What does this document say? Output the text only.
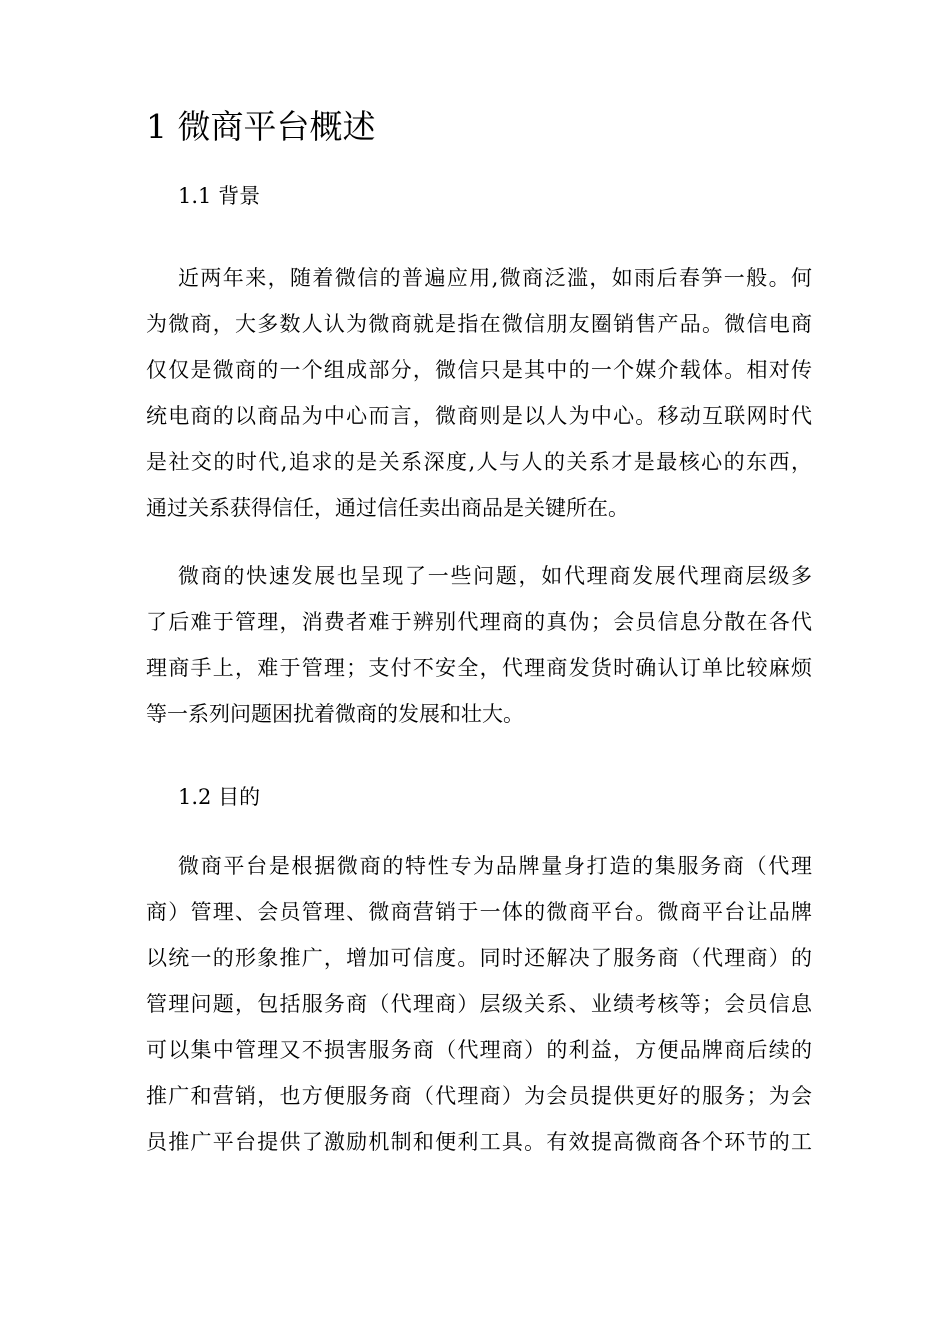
1 微商平台概述
1.1 背景
近两年来，随着微信的普遍应用,微商泛滥，如雨后春笋一般。何
为微商，大多数人认为微商就是指在微信朋友圈销售产品。微信电商
仅仅是微商的一个组成部分，微信只是其中的一个媒介载体。相对传
统电商的以商品为中心而言，微商则是以人为中心。移动互联网时代
是社交的时代,追求的是关系深度,人与人的关系才是最核心的东西，
通过关系获得信任，通过信任卖出商品是关键所在。
微商的快速发展也呈现了一些问题，如代理商发展代理商层级多
了后难于管理，消费者难于辨别代理商的真伪；会员信息分散在各代
理商手上，难于管理；支付不安全，代理商发货时确认订单比较麻烦
等一系列问题困扰着微商的发展和壮大。
1.2 目的
微商平台是根据微商的特性专为品牌量身打造的集服务商（代理
商）管理、会员管理、微商营销于一体的微商平台。微商平台让品牌
以统一的形象推广，增加可信度。同时还解决了服务商（代理商）的
管理问题，包括服务商（代理商）层级关系、业绩考核等；会员信息
可以集中管理又不损害服务商（代理商）的利益，方便品牌商后续的
推广和营销，也方便服务商（代理商）为会员提供更好的服务；为会
员推广平台提供了激励机制和便利工具。有效提高微商各个环节的工
